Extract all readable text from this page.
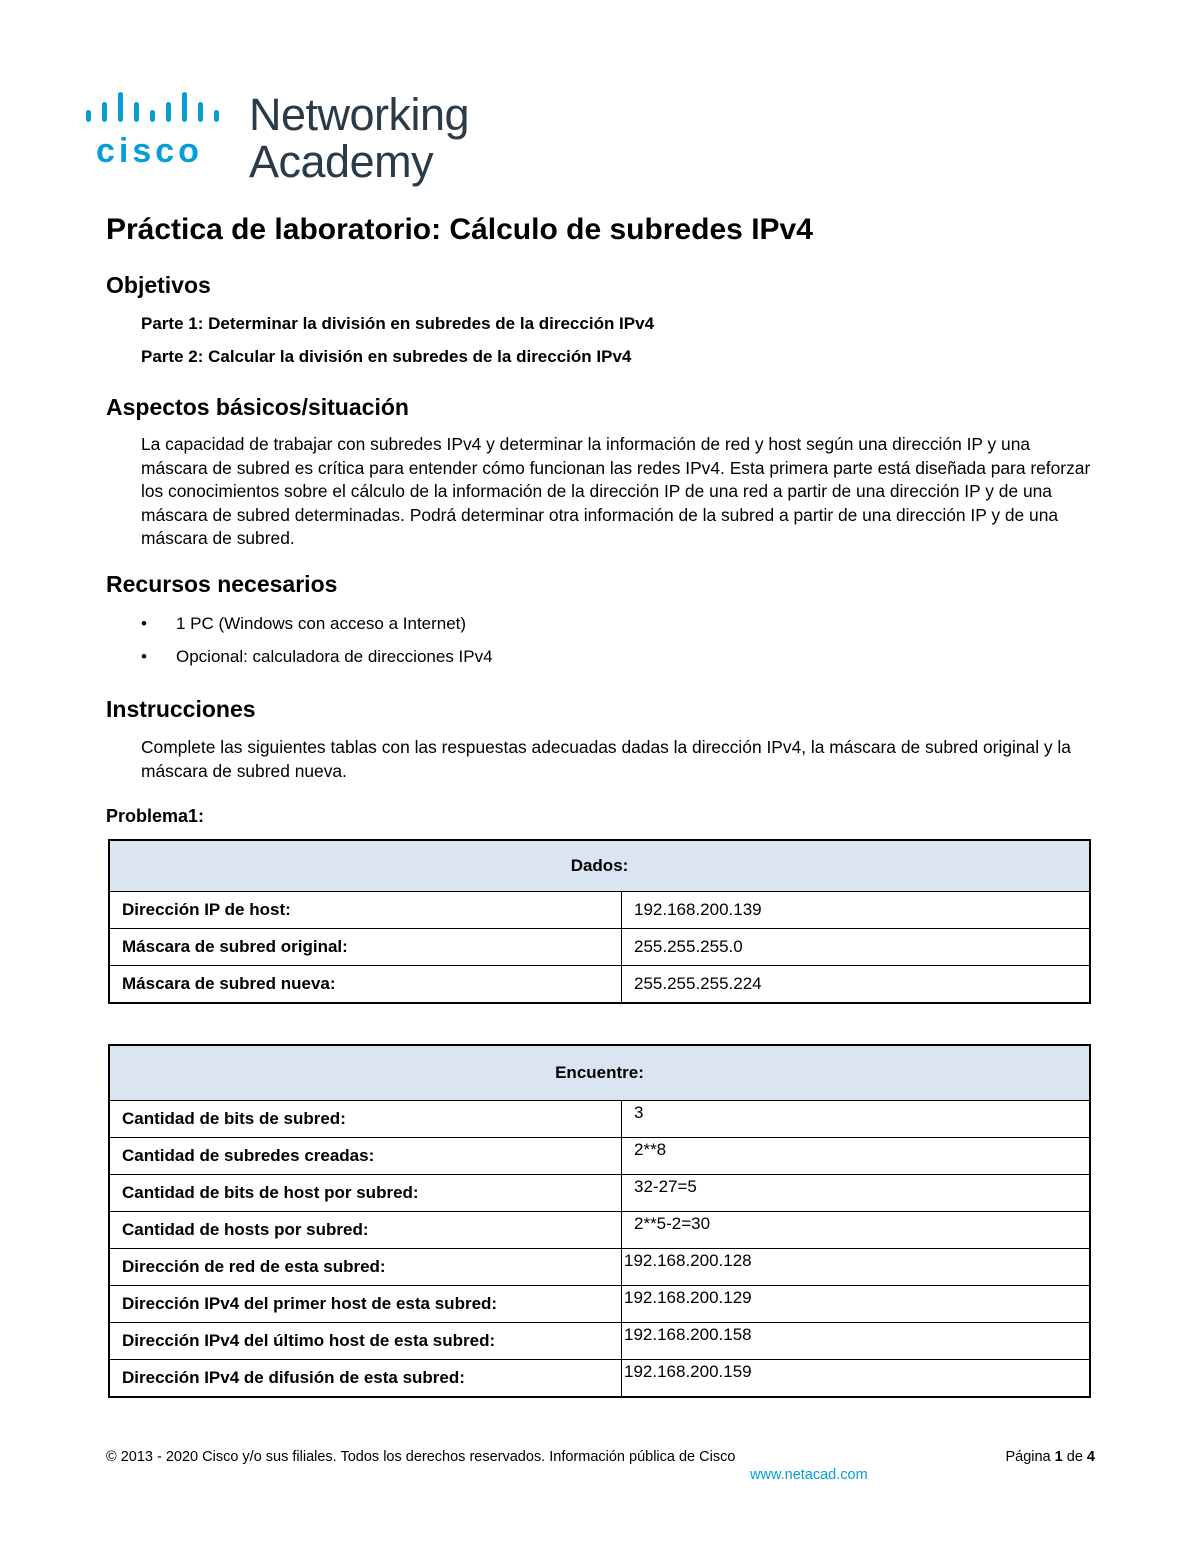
cisco
Networking
Academy
Práctica de laboratorio: Cálculo de subredes IPv4
Objetivos
Parte 1: Determinar la división en subredes de la dirección IPv4
Parte 2: Calcular la división en subredes de la dirección IPv4
Aspectos básicos/situación

La capacidad de trabajar con subredes IPv4 y determinar la información de red y host según una dirección IP y una máscara de subred es crítica para entender cómo funcionan las redes IPv4. Esta primera parte está diseñada para reforzar los conocimientos sobre el cálculo de la información de la dirección IP de una red a partir de una dirección IP y de una máscara de subred determinadas. Podrá determinar otra información de la subred a partir de una dirección IP y de una máscara de subred.

Recursos necesarios
• 1 PC (Windows con acceso a Internet)
• Opcional: calculadora de direcciones IPv4
Instrucciones

Complete las siguientes tablas con las respuestas adecuadas dadas la dirección IPv4, la máscara de subred original y la máscara de subred nueva.

Problema1:
Dados:	
Dirección IP de host:	192.168.200.139
Máscara de subred original:	255.255.255.0
Máscara de subred nueva:	255.255.255.224
Encuentre:	
Cantidad de bits de subred:	3
Cantidad de subredes creadas:	2**8
Cantidad de bits de host por subred:	32-27=5
Cantidad de hosts por subred:	2**5-2=30
Dirección de red de esta subred:	192.168.200.128
Dirección IPv4 del primer host de esta subred:	192.168.200.129
Dirección IPv4 del último host de esta subred:	192.168.200.158
Dirección IPv4 de difusión de esta subred:	192.168.200.159
© 2013 - 2020 Cisco y/o sus filiales. Todos los derechos reservados. Información pública de Cisco	Página 1 de 4
www.netacad.com
